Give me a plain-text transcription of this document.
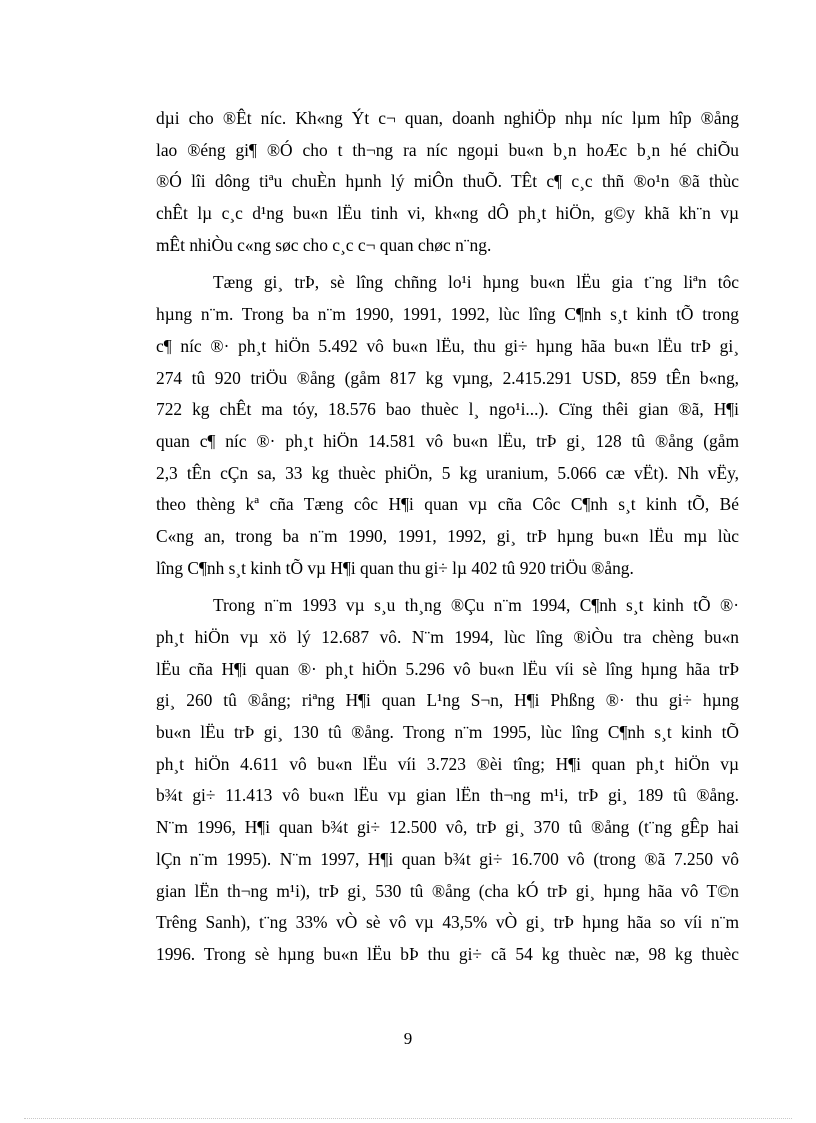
dµi cho ®Êt níc. Kh«ng Ýt c¬ quan, doanh nghiÖp nhµ níc lµm hîp ®ång
lao ®éng gi¶ ®Ó cho t th¬ng ra níc ngoµi bu«n b¸n hoÆc b¸n hé chiÕu
®Ó lîi dông tiªu chuÈn hµnh lý miÔn thuÕ. TÊt c¶ c¸c thñ ®o¹n ®ã thùc
chÊt lµ c¸c d¹ng bu«n lËu tinh vi, kh«ng dÔ ph¸t hiÖn, g©y khã kh¨n vµ
mÊt nhiÒu c«ng søc cho c¸c c¬ quan chøc n¨ng.
Tæng gi¸ trÞ, sè lîng chñng lo¹i hµng bu«n lËu gia t¨ng liªn tôc
hµng n¨m. Trong ba n¨m 1990, 1991, 1992, lùc lîng C¶nh s¸t kinh tÕ trong
c¶ níc ®· ph¸t hiÖn 5.492 vô bu«n lËu, thu gi÷ hµng hãa bu«n lËu trÞ gi¸
274 tû 920 triÖu ®ång (gåm 817 kg vµng, 2.415.291 USD, 859 tÊn b«ng,
722 kg chÊt ma tóy, 18.576 bao thuèc l¸ ngo¹i...). Cïng thêi gian ®ã, H¶i
quan c¶ níc ®· ph¸t hiÖn 14.581 vô bu«n lËu, trÞ gi¸ 128 tû ®ång (gåm
2,3 tÊn cÇn sa, 33 kg thuèc phiÖn, 5 kg uranium, 5.066 cæ vËt). Nh vËy,
theo thèng kª cña Tæng côc H¶i quan vµ cña Côc C¶nh s¸t kinh tÕ, Bé
C«ng an, trong ba n¨m 1990, 1991, 1992, gi¸ trÞ hµng bu«n lËu mµ lùc
lîng C¶nh s¸t kinh tÕ vµ H¶i quan thu gi÷ lµ 402 tû 920 triÖu ®ång.
Trong n¨m 1993 vµ s¸u th¸ng ®Çu n¨m 1994, C¶nh s¸t kinh tÕ ®·
ph¸t hiÖn vµ xö lý 12.687 vô. N¨m 1994, lùc lîng ®iÒu tra chèng bu«n
lËu cña H¶i quan ®· ph¸t hiÖn 5.296 vô bu«n lËu víi sè lîng hµng hãa trÞ
gi¸ 260 tû ®ång; riªng H¶i quan L¹ng S¬n, H¶i Phßng ®· thu gi÷ hµng
bu«n lËu trÞ gi¸ 130 tû ®ång. Trong n¨m 1995, lùc lîng C¶nh s¸t kinh tÕ
ph¸t hiÖn 4.611 vô bu«n lËu víi 3.723 ®èi tîng; H¶i quan ph¸t hiÖn vµ
b¾t gi÷ 11.413 vô bu«n lËu vµ gian lËn th¬ng m¹i, trÞ gi¸ 189 tû ®ång.
N¨m 1996, H¶i quan b¾t gi÷ 12.500 vô, trÞ gi¸ 370 tû ®ång (t¨ng gÊp hai
lÇn n¨m 1995). N¨m 1997, H¶i quan b¾t gi÷ 16.700 vô (trong ®ã 7.250 vô
gian lËn th¬ng m¹i), trÞ gi¸ 530 tû ®ång (cha kÓ trÞ gi¸ hµng hãa vô T©n
Trêng Sanh), t¨ng 33% vÒ sè vô vµ 43,5% vÒ gi¸ trÞ hµng hãa so víi n¨m
1996. Trong sè hµng bu«n lËu bÞ thu gi÷ cã 54 kg thuèc næ, 98 kg thuèc
9
